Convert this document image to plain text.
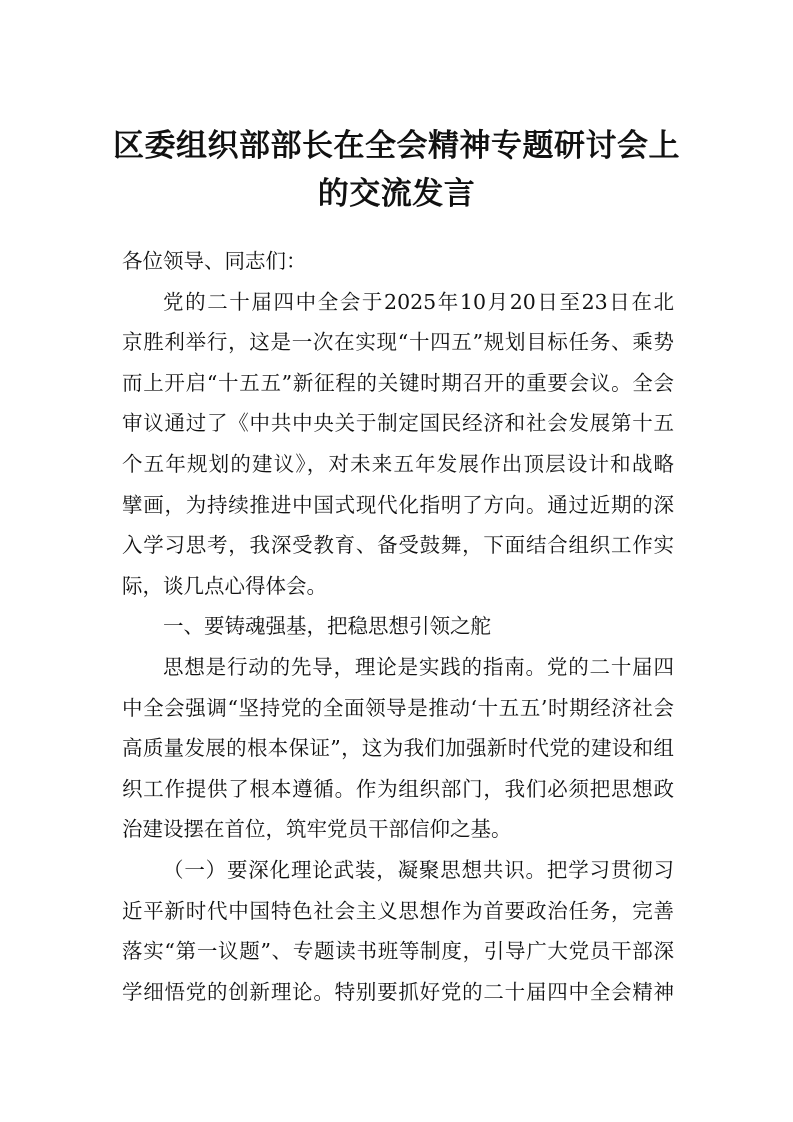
区委组织部部长在全会精神专题研讨会上
的交流发言
各位领导、同志们：
党的二十届四中全会于2025年10月20日至23日在北
京胜利举行，这是一次在实现“十四五”规划目标任务、乘势
而上开启“十五五”新征程的关键时期召开的重要会议。全会
审议通过了《中共中央关于制定国民经济和社会发展第十五
个五年规划的建议》，对未来五年发展作出顶层设计和战略
擘画，为持续推进中国式现代化指明了方向。通过近期的深
入学习思考，我深受教育、备受鼓舞，下面结合组织工作实
际，谈几点心得体会。
一、要铸魂强基，把稳思想引领之舵
思想是行动的先导，理论是实践的指南。党的二十届四
中全会强调“坚持党的全面领导是推动‘十五五’时期经济社会
高质量发展的根本保证”，这为我们加强新时代党的建设和组
织工作提供了根本遵循。作为组织部门，我们必须把思想政
治建设摆在首位，筑牢党员干部信仰之基。
（一）要深化理论武装，凝聚思想共识。把学习贯彻习
近平新时代中国特色社会主义思想作为首要政治任务，完善
落实“第一议题”、专题读书班等制度，引导广大党员干部深
学细悟党的创新理论。特别要抓好党的二十届四中全会精神
